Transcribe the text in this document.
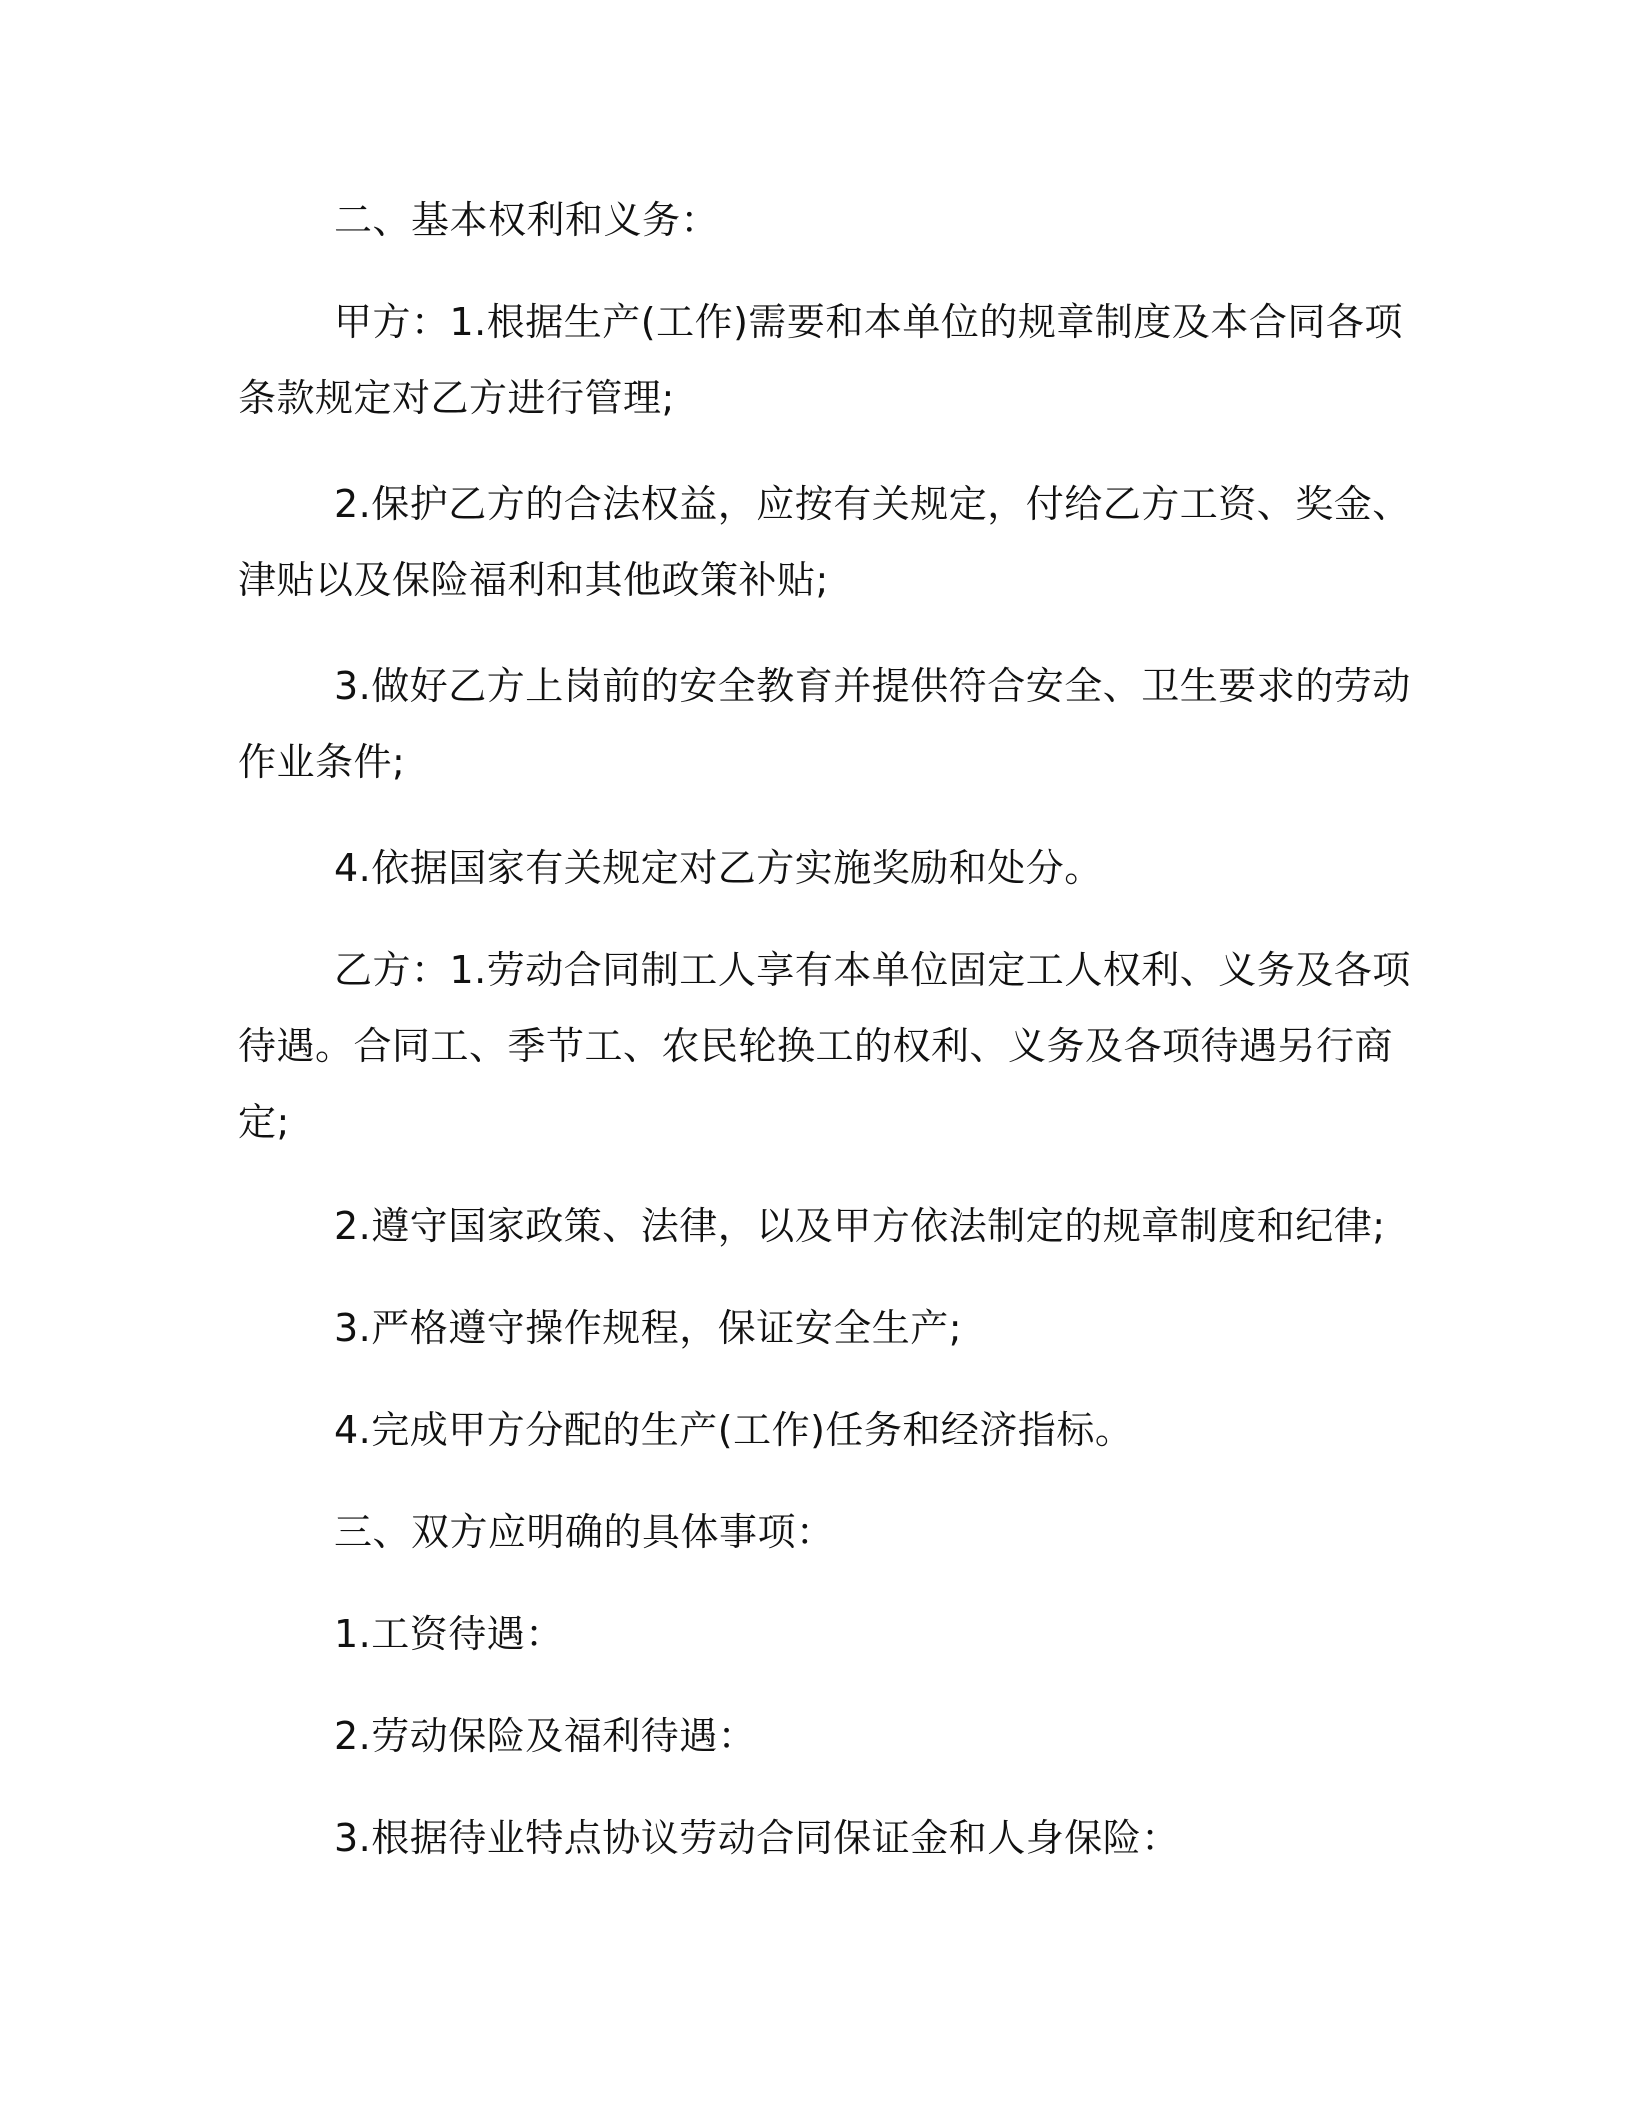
二、基本权利和义务：
甲方：1.根据生产(工作)需要和本单位的规章制度及本合同各项
条款规定对乙方进行管理;
2.保护乙方的合法权益，应按有关规定，付给乙方工资、奖金、
津贴以及保险福利和其他政策补贴;
3.做好乙方上岗前的安全教育并提供符合安全、卫生要求的劳动
作业条件;
4.依据国家有关规定对乙方实施奖励和处分。
乙方：1.劳动合同制工人享有本单位固定工人权利、义务及各项
待遇。合同工、季节工、农民轮换工的权利、义务及各项待遇另行商
定;
2.遵守国家政策、法律，以及甲方依法制定的规章制度和纪律;
3.严格遵守操作规程，保证安全生产;
4.完成甲方分配的生产(工作)任务和经济指标。
三、双方应明确的具体事项：
1.工资待遇：
2.劳动保险及福利待遇：
3.根据待业特点协议劳动合同保证金和人身保险：
